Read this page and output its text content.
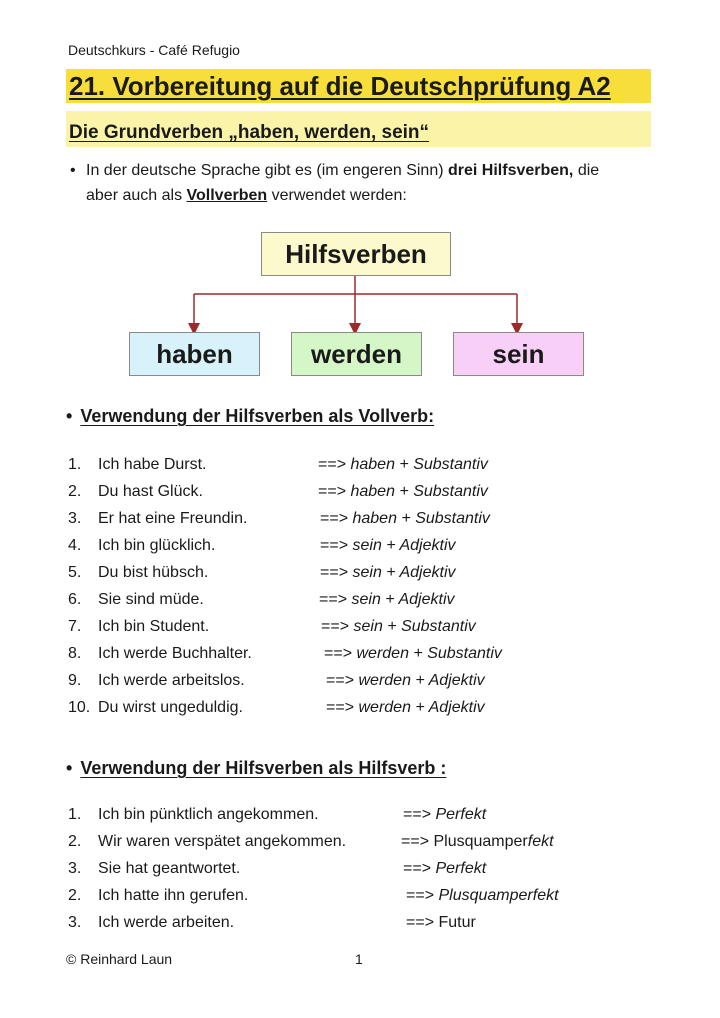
Deutschkurs - Café Refugio
21. Vorbereitung auf die Deutschprüfung A2
Die Grundverben „haben, werden, sein“
• In der deutsche Sprache gibt es (im engeren Sinn) drei Hilfsverben, die
aber auch als Vollverben verwendet werden:
Hilfsverben
haben	werden	sein
• Verwendung der Hilfsverben als Vollverb:
1. Ich habe Durst.	==> haben + Substantiv
2. Du hast Glück.	==> haben + Substantiv
3. Er hat eine Freundin.	==> haben + Substantiv
4. Ich bin glücklich.	==> sein + Adjektiv
5. Du bist hübsch.	==> sein + Adjektiv
6. Sie sind müde.	==> sein + Adjektiv
7. Ich bin Student.	==> sein + Substantiv
8. Ich werde Buchhalter.	==> werden + Substantiv
9. Ich werde arbeitslos.	==> werden + Adjektiv
10. Du wirst ungeduldig.	==> werden + Adjektiv
• Verwendung der Hilfsverben als Hilfsverb :
1. Ich bin pünktlich angekommen.	==> Perfekt
2. Wir waren verspätet angekommen.	==> Plusquamperfekt
3. Sie hat geantwortet.	==> Perfekt
2. Ich hatte ihn gerufen.	==> Plusquamperfekt
3. Ich werde arbeiten.	==> Futur
© Reinhard Laun	1
